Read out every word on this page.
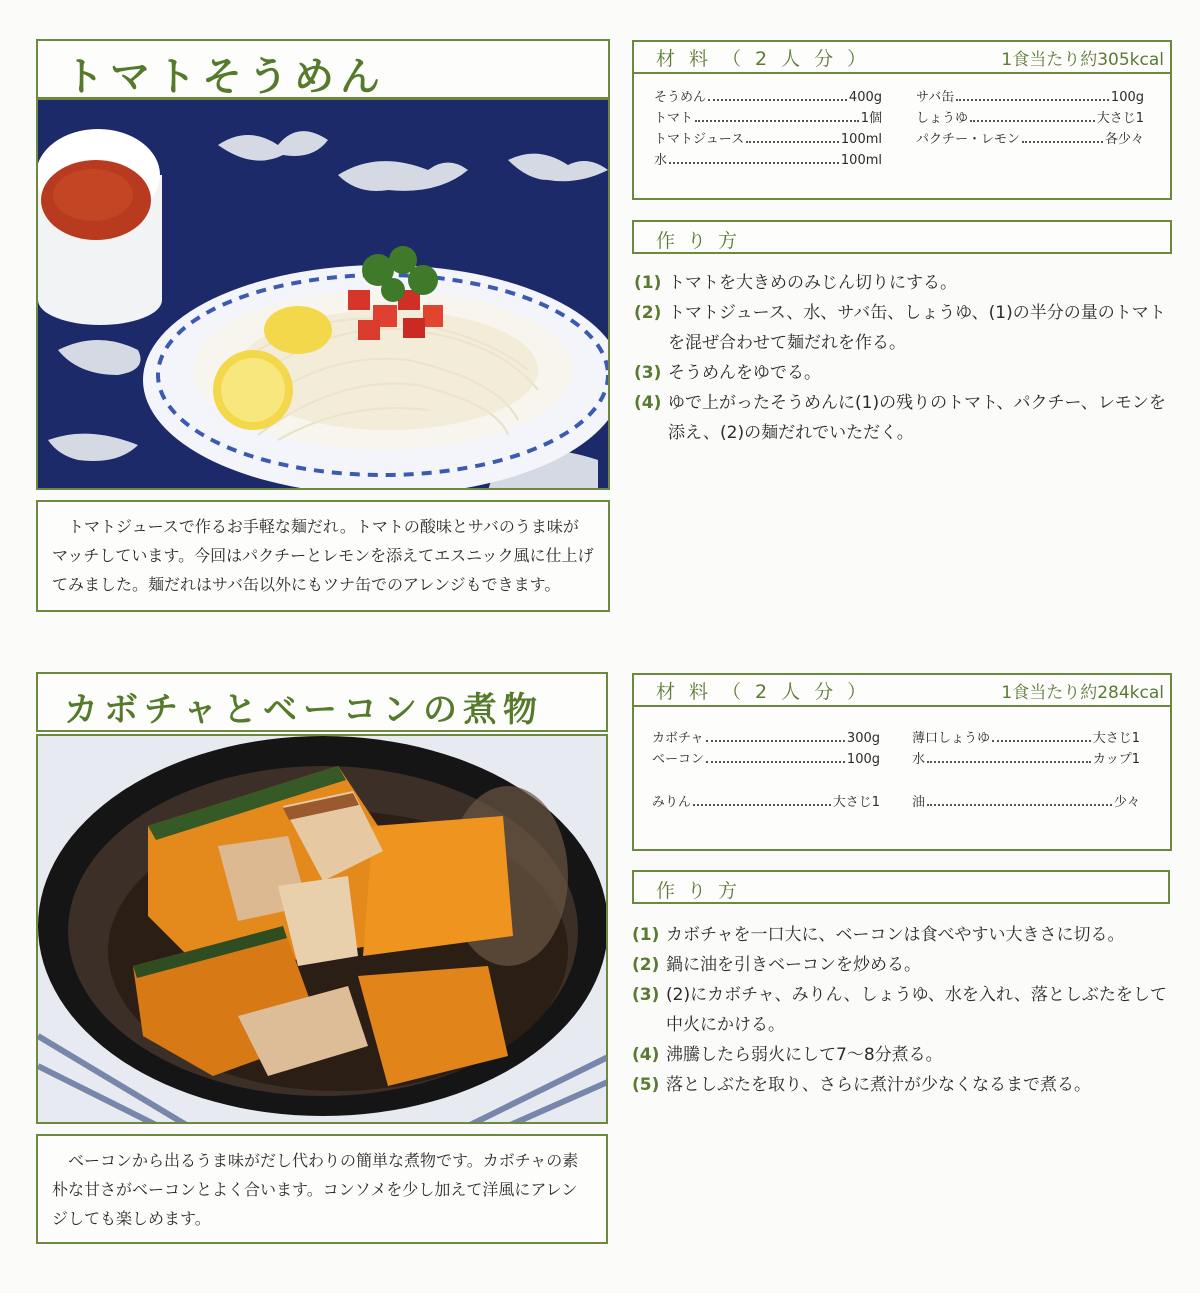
トマトそうめん

トマトジュースで作るお手軽な麺だれ。トマトの酸味とサバのうま味がマッチしています。今回はパクチーとレモンを添えてエスニック風に仕上げてみました。麺だれはサバ缶以外にもツナ缶でのアレンジもできます。

材料（2人分）	1食当たり約305kcal
そうめん	400g
トマト	1個
トマトジュース	100ml
水	100ml
サバ缶	100g
しょうゆ	大さじ1
パクチー・レモン	各少々
作り方
(1) トマトを大きめのみじん切りにする。
(2) トマトジュース、水、サバ缶、しょうゆ、(1)の半分の量のトマトを混ぜ合わせて麺だれを作る。
(3) そうめんをゆでる。
(4) ゆで上がったそうめんに(1)の残りのトマト、パクチー、レモンを添え、(2)の麺だれでいただく。
カボチャとベーコンの煮物

ベーコンから出るうま味がだし代わりの簡単な煮物です。カボチャの素朴な甘さがベーコンとよく合います。コンソメを少し加えて洋風にアレンジしても楽しめます。

材料（2人分）	1食当たり約284kcal
カボチャ	300g
ベーコン	100g
みりん	大さじ1
薄口しょうゆ	大さじ1
水	カップ1
油	少々
作り方
(1) カボチャを一口大に、ベーコンは食べやすい大きさに切る。
(2) 鍋に油を引きベーコンを炒める。
(3) (2)にカボチャ、みりん、しょうゆ、水を入れ、落としぶたをして中火にかける。
(4) 沸騰したら弱火にして7〜8分煮る。
(5) 落としぶたを取り、さらに煮汁が少なくなるまで煮る。
